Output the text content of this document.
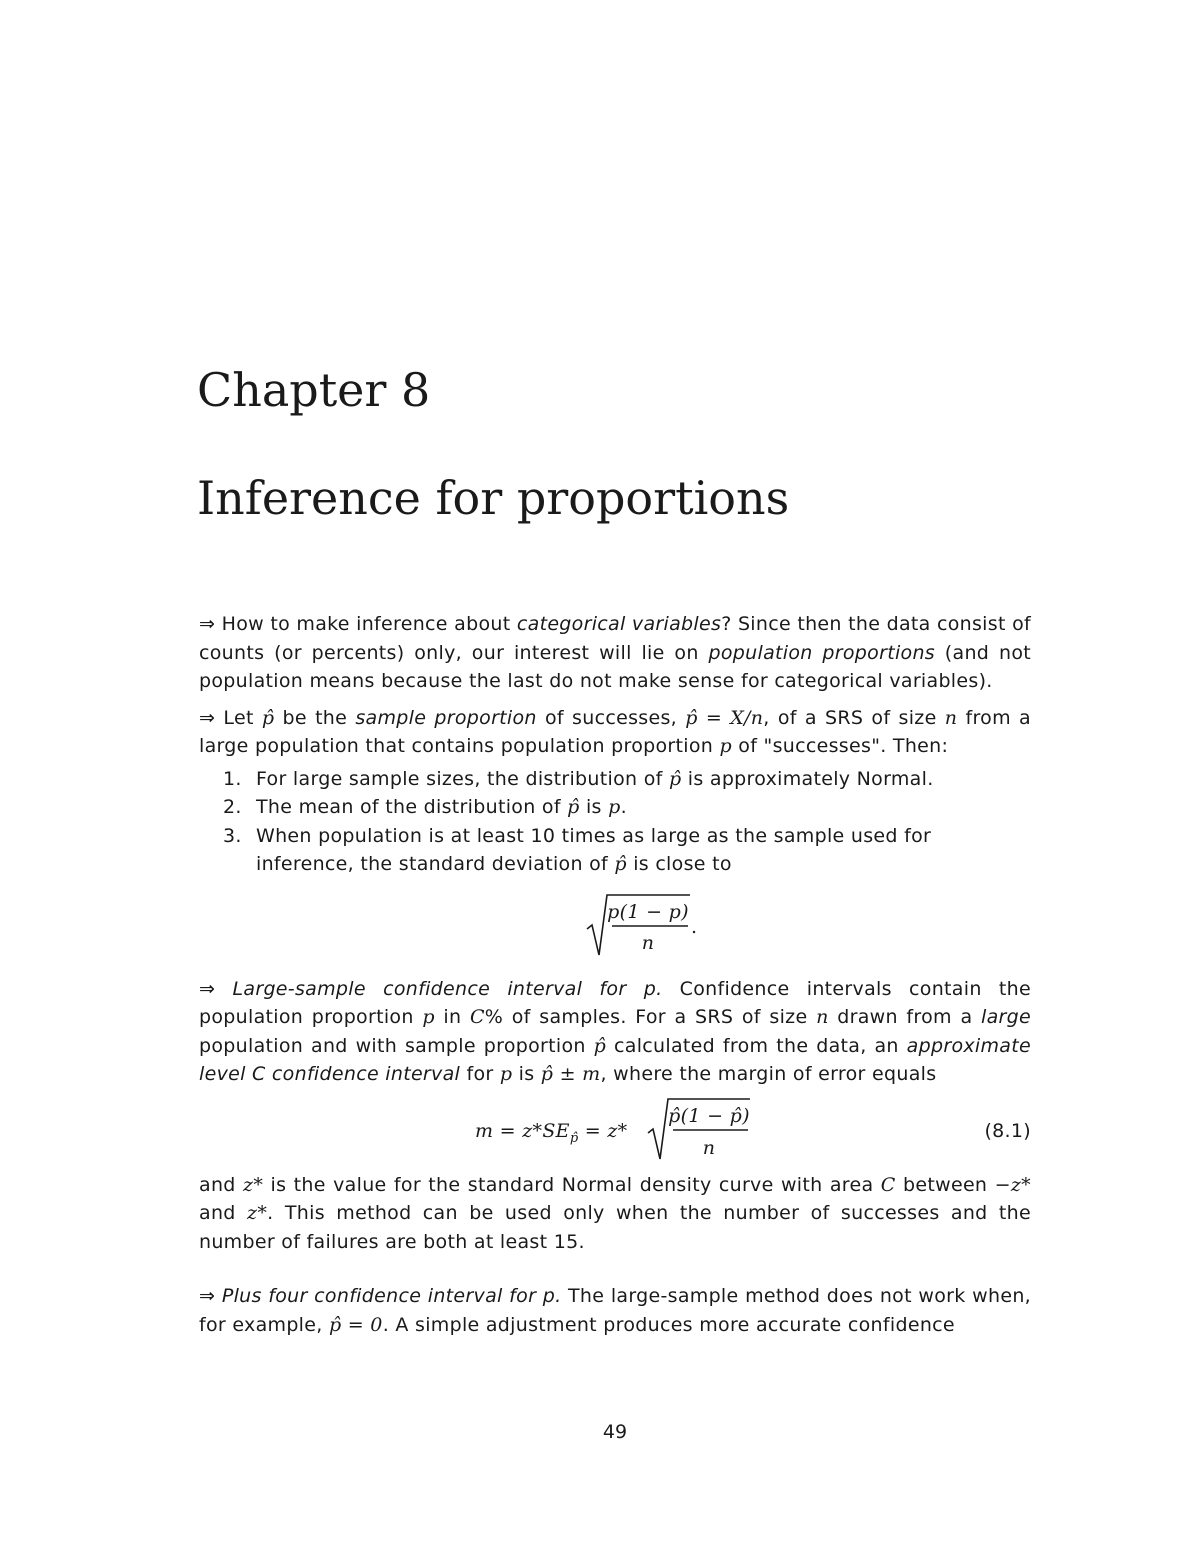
Chapter 8
Inference for proportions

⇒ How to make inference about categorical variables? Since then the data consist of counts (or percents) only, our interest will lie on population proportions (and not population means because the last do not make sense for categorical variables).

⇒ Let p̂ be the sample proportion of successes, p̂ = X/n, of a SRS of size n from a large population that contains population proportion p of "successes". Then:

1. For large sample sizes, the distribution of p̂ is approximately Normal.
2. The mean of the distribution of p̂ is p.
3. When population is at least 10 times as large as the sample used for inference, the standard deviation of p̂ is close to
p(1 − p)
n
.

⇒ Large-sample confidence interval for p. Confidence intervals contain the population proportion p in C% of samples. For a SRS of size n drawn from a large population and with sample proportion p̂ calculated from the data, an approximate level C confidence interval for p is p̂ ± m, where the margin of error equals

$m = z*SE_{p̂} = z*$
p̂(1 − p̂)
n
(8.1)

and z* is the value for the standard Normal density curve with area C between −z* and z*. This method can be used only when the number of successes and the number of failures are both at least 15.

⇒ Plus four confidence interval for p. The large-sample method does not work when, for example, p̂ = 0. A simple adjustment produces more accurate confidence

49
